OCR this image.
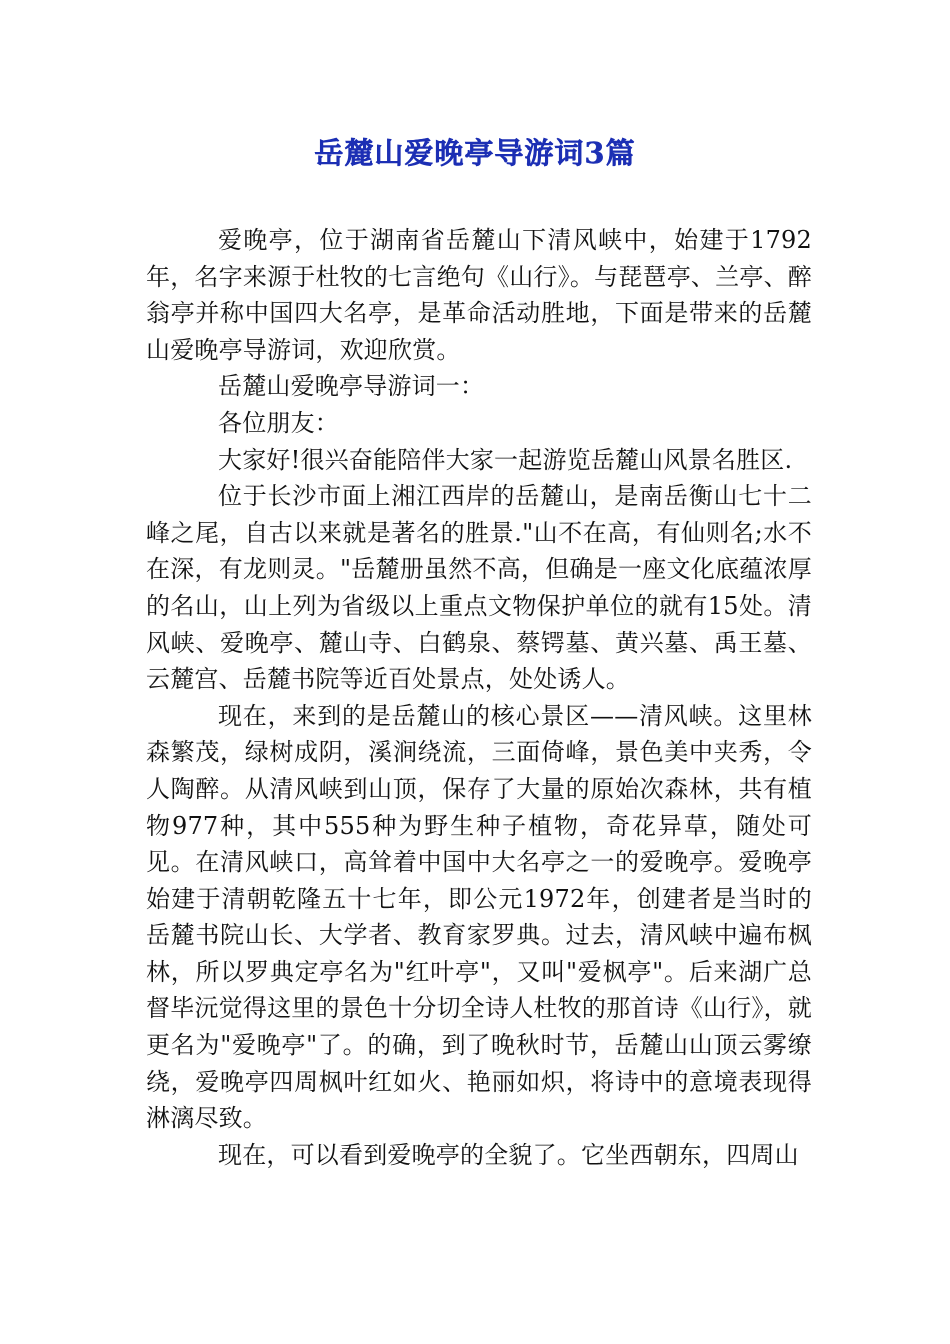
岳麓山爱晚亭导游词3篇

爱晚亭，位于湖南省岳麓山下清风峡中，始建于1792年，名字来源于杜牧的七言绝句《山行》。与琵琶亭、兰亭、醉翁亭并称中国四大名亭，是革命活动胜地，下面是带来的岳麓山爱晚亭导游词，欢迎欣赏。

岳麓山爱晚亭导游词一：

各位朋友：

大家好!很兴奋能陪伴大家一起游览岳麓山风景名胜区.

位于长沙市面上湘江西岸的岳麓山，是南岳衡山七十二峰之尾，自古以来就是著名的胜景."山不在高，有仙则名;水不在深，有龙则灵。"岳麓册虽然不高，但确是一座文化底蕴浓厚的名山，山上列为省级以上重点文物保护单位的就有15处。清风峡、爱晚亭、麓山寺、白鹤泉、蔡锷墓、黄兴墓、禹王墓、云麓宫、岳麓书院等近百处景点，处处诱人。

现在，来到的是岳麓山的核心景区——清风峡。这里林森繁茂，绿树成阴，溪涧绕流，三面倚峰，景色美中夹秀，令人陶醉。从清风峡到山顶，保存了大量的原始次森林，共有植物977种，其中555种为野生种子植物，奇花异草，随处可见。在清风峡口，高耸着中国中大名亭之一的爱晚亭。爱晚亭始建于清朝乾隆五十七年，即公元1972年，创建者是当时的岳麓书院山长、大学者、教育家罗典。过去，清风峡中遍布枫林，所以罗典定亭名为"红叶亭"，又叫"爱枫亭"。后来湖广总督毕沅觉得这里的景色十分切全诗人杜牧的那首诗《山行》，就更名为"爱晚亭"了。的确，到了晚秋时节，岳麓山山顶云雾缭绕，爱晚亭四周枫叶红如火、艳丽如炽，将诗中的意境表现得淋漓尽致。

现在，可以看到爱晚亭的全貌了。它坐西朝东，四周山
